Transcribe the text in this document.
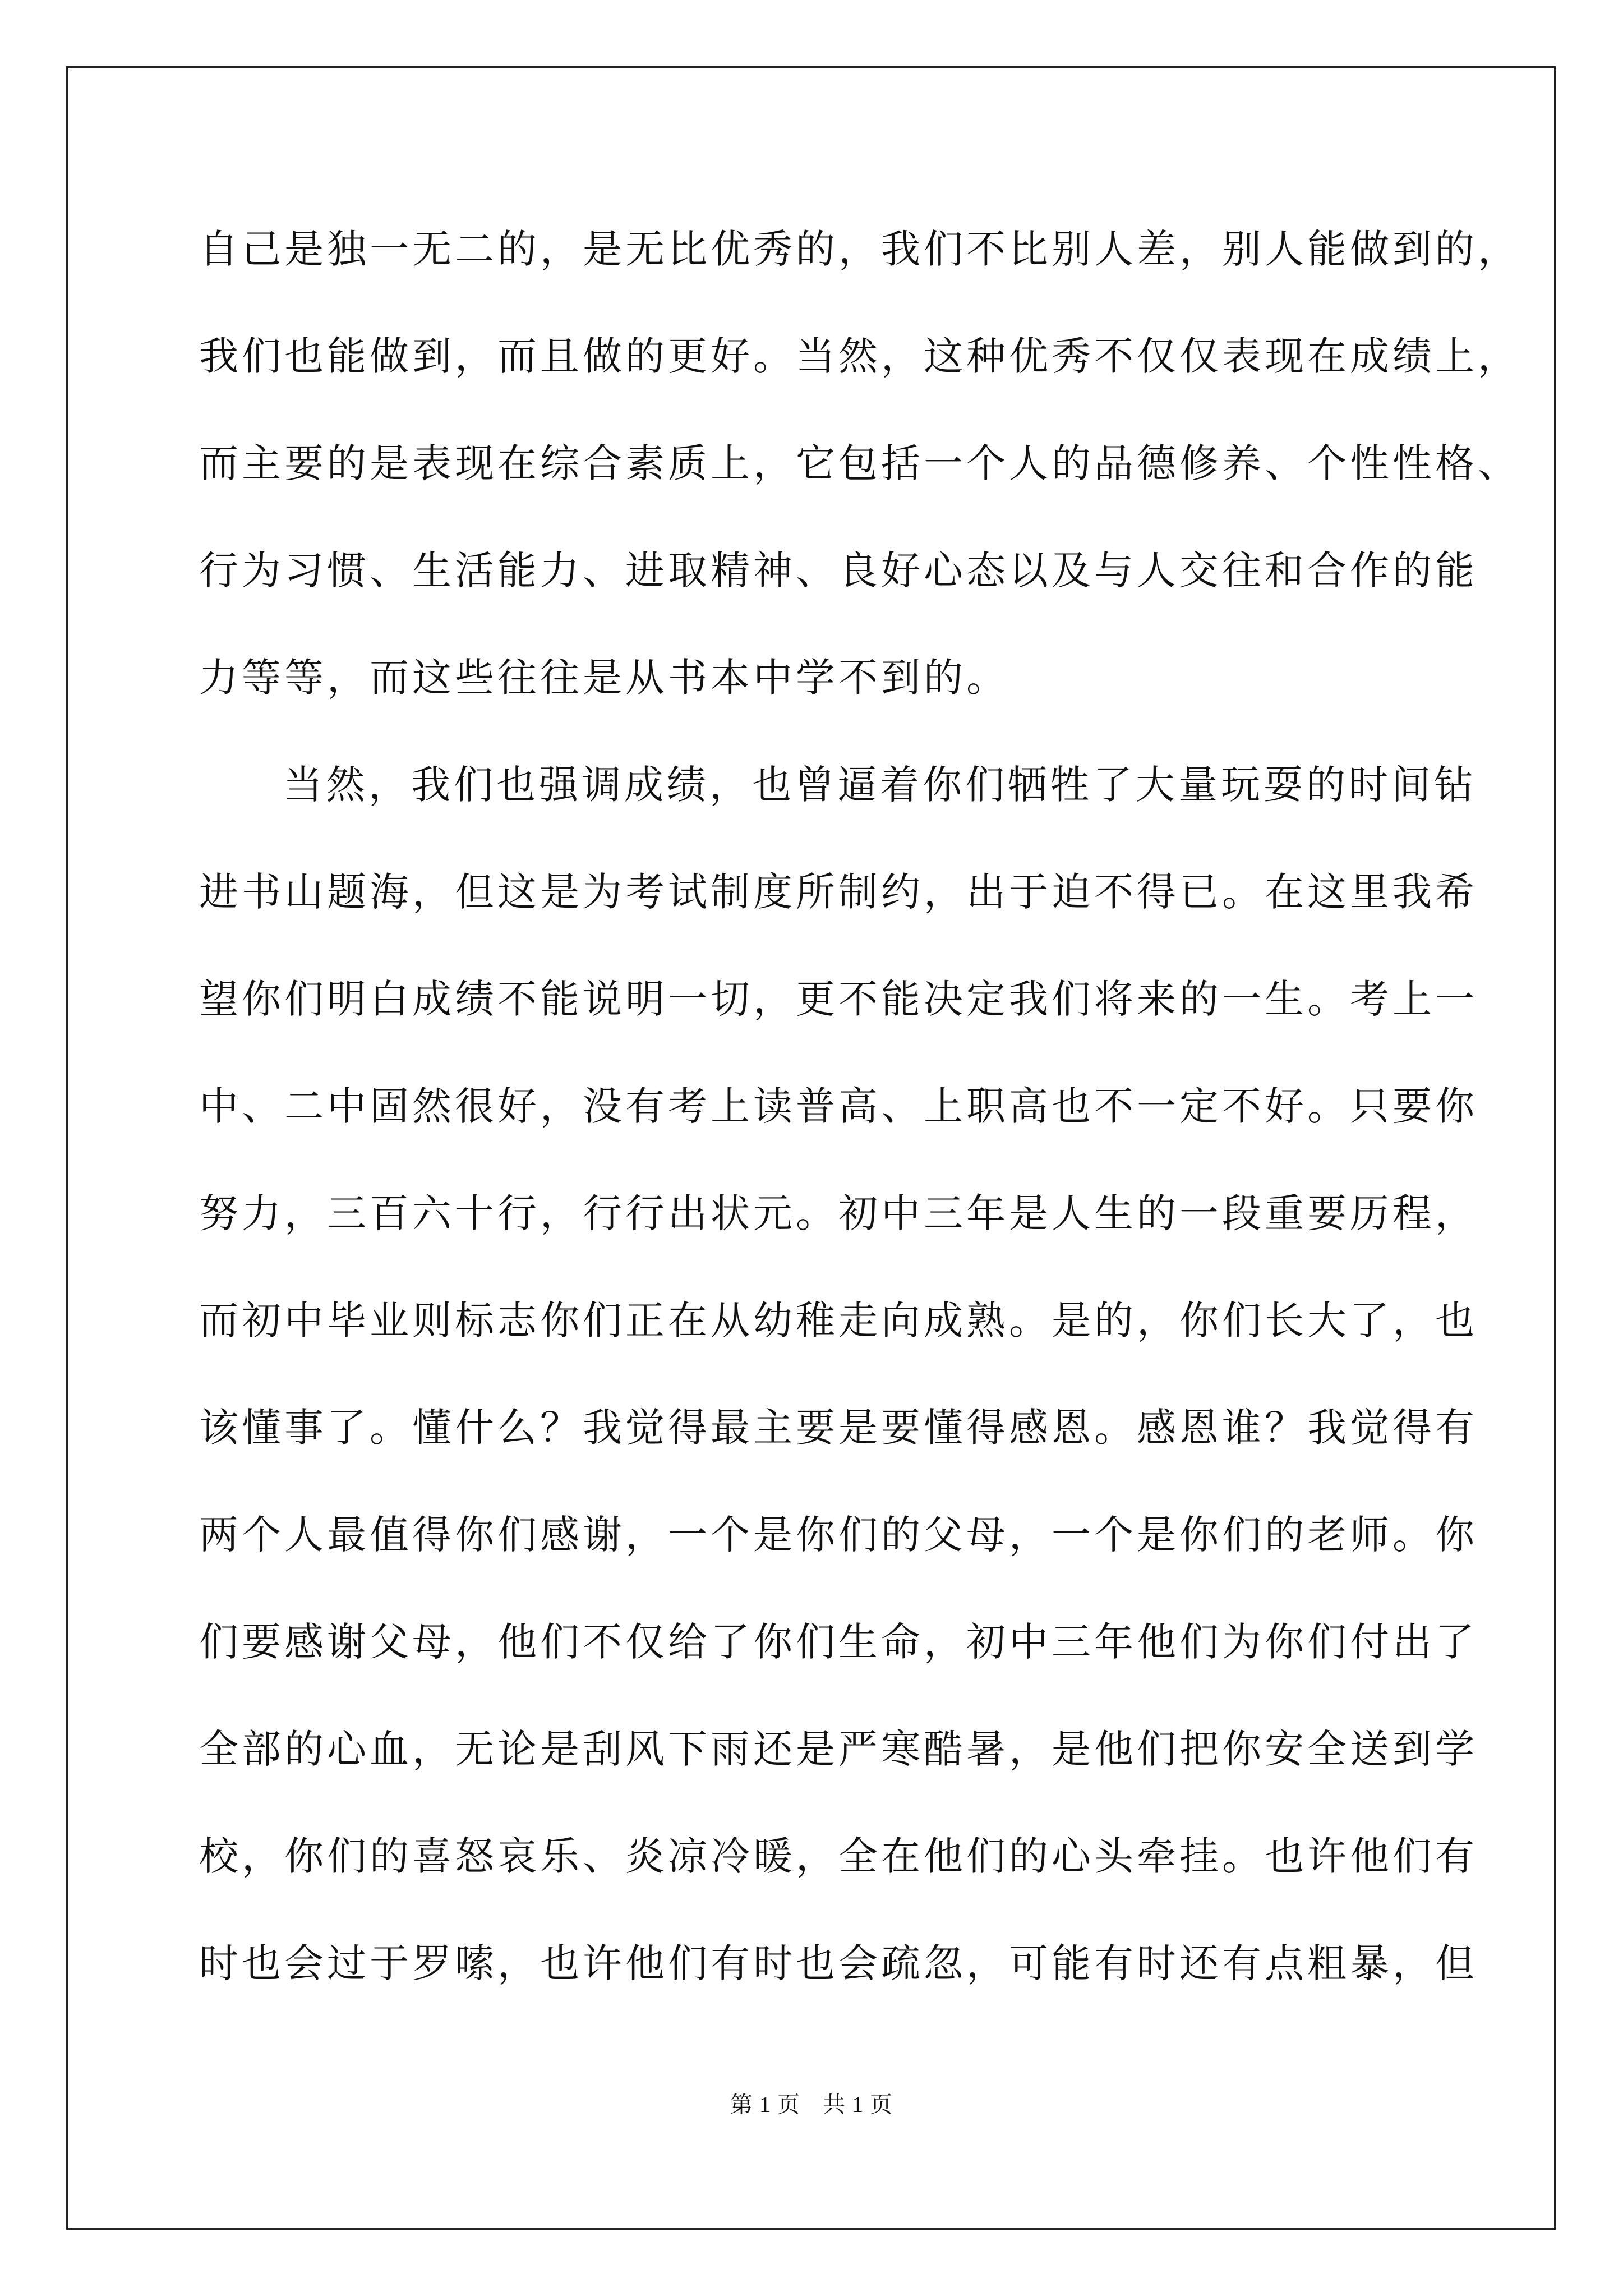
自己是独一无二的，是无比优秀的，我们不比别人差，别人能做到的，
我们也能做到，而且做的更好。当然，这种优秀不仅仅表现在成绩上，
而主要的是表现在综合素质上，它包括一个人的品德修养、个性性格、
行为习惯、生活能力、进取精神、良好心态以及与人交往和合作的能
力等等，而这些往往是从书本中学不到的。
当然，我们也强调成绩，也曾逼着你们牺牲了大量玩耍的时间钻
进书山题海，但这是为考试制度所制约，出于迫不得已。在这里我希
望你们明白成绩不能说明一切，更不能决定我们将来的一生。考上一
中、二中固然很好，没有考上读普高、上职高也不一定不好。只要你
努力，三百六十行，行行出状元。初中三年是人生的一段重要历程，
而初中毕业则标志你们正在从幼稚走向成熟。是的，你们长大了，也
该懂事了。懂什么？我觉得最主要是要懂得感恩。感恩谁？我觉得有
两个人最值得你们感谢，一个是你们的父母，一个是你们的老师。你
们要感谢父母，他们不仅给了你们生命，初中三年他们为你们付出了
全部的心血，无论是刮风下雨还是严寒酷暑，是他们把你安全送到学
校，你们的喜怒哀乐、炎凉冷暖，全在他们的心头牵挂。也许他们有
时也会过于罗嗦，也许他们有时也会疏忽，可能有时还有点粗暴，但
第 1 页 共 1 页
